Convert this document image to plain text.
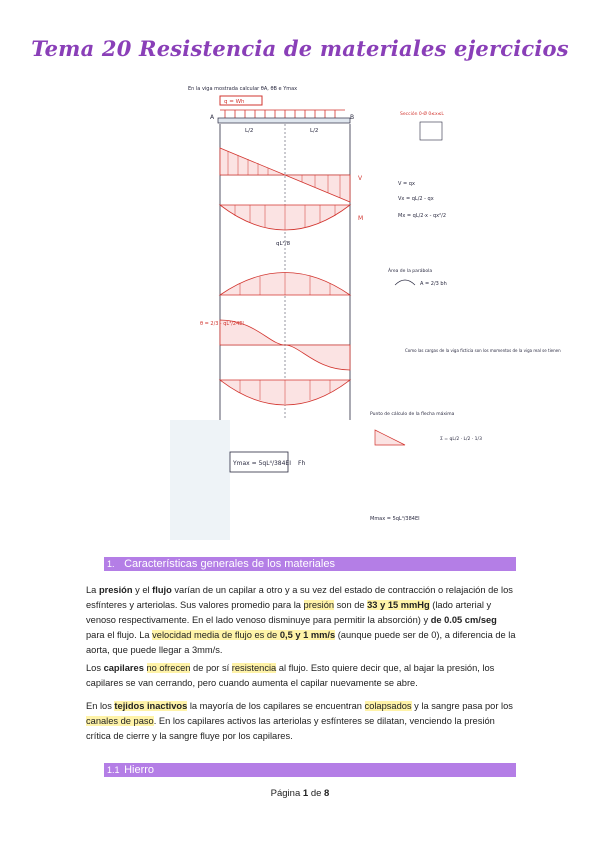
Tema 20 Resistencia de materiales ejercicios
En la viga mostrada calcular θA, θB e Ymax
q = Wh
A	B
L/2	L/2
V
qL²/8
M
θ = 2/3 · qL³/24EI
Ymax = 5qL⁴/384EI Fh
Sección 0-Ø 0≤x≤L
V = qx
Vx = qL/2 - qx
Mx = qL/2·x - qx²/2
Área de la parábola
A = 2/3 bh
Como las cargas de la viga ficticia son los momentos de la viga real se tienen
Punto de cálculo de la flecha máxima
Σ = qL/2 · L/2 · 1/3
Mmax = 5qL⁴/384EI
1. Características generales de los materiales

La presión y el flujo varían de un capilar a otro y a su vez del estado de contracción o relajación de los esfínteres y arteriolas. Sus valores promedio para la presión son de 33 y 15 mmHg (lado arterial y venoso respectivamente. En el lado venoso disminuye para permitir la absorción) y de 0.05 cm/seg para el flujo. La velocidad media de flujo es de 0,5 y 1 mm/s (aunque puede ser de 0), a diferencia de la aorta, que puede llegar a 3mm/s.

Los capilares no ofrecen de por sí resistencia al flujo. Esto quiere decir que, al bajar la presión, los capilares se van cerrando, pero cuando aumenta el capilar nuevamente se abre.

En los tejidos inactivos la mayoría de los capilares se encuentran colapsados y la sangre pasa por los canales de paso. En los capilares activos las arteriolas y esfínteres se dilatan, venciendo la presión crítica de cierre y la sangre fluye por los capilares.

1.1 Hierro
Página 1 de 8
